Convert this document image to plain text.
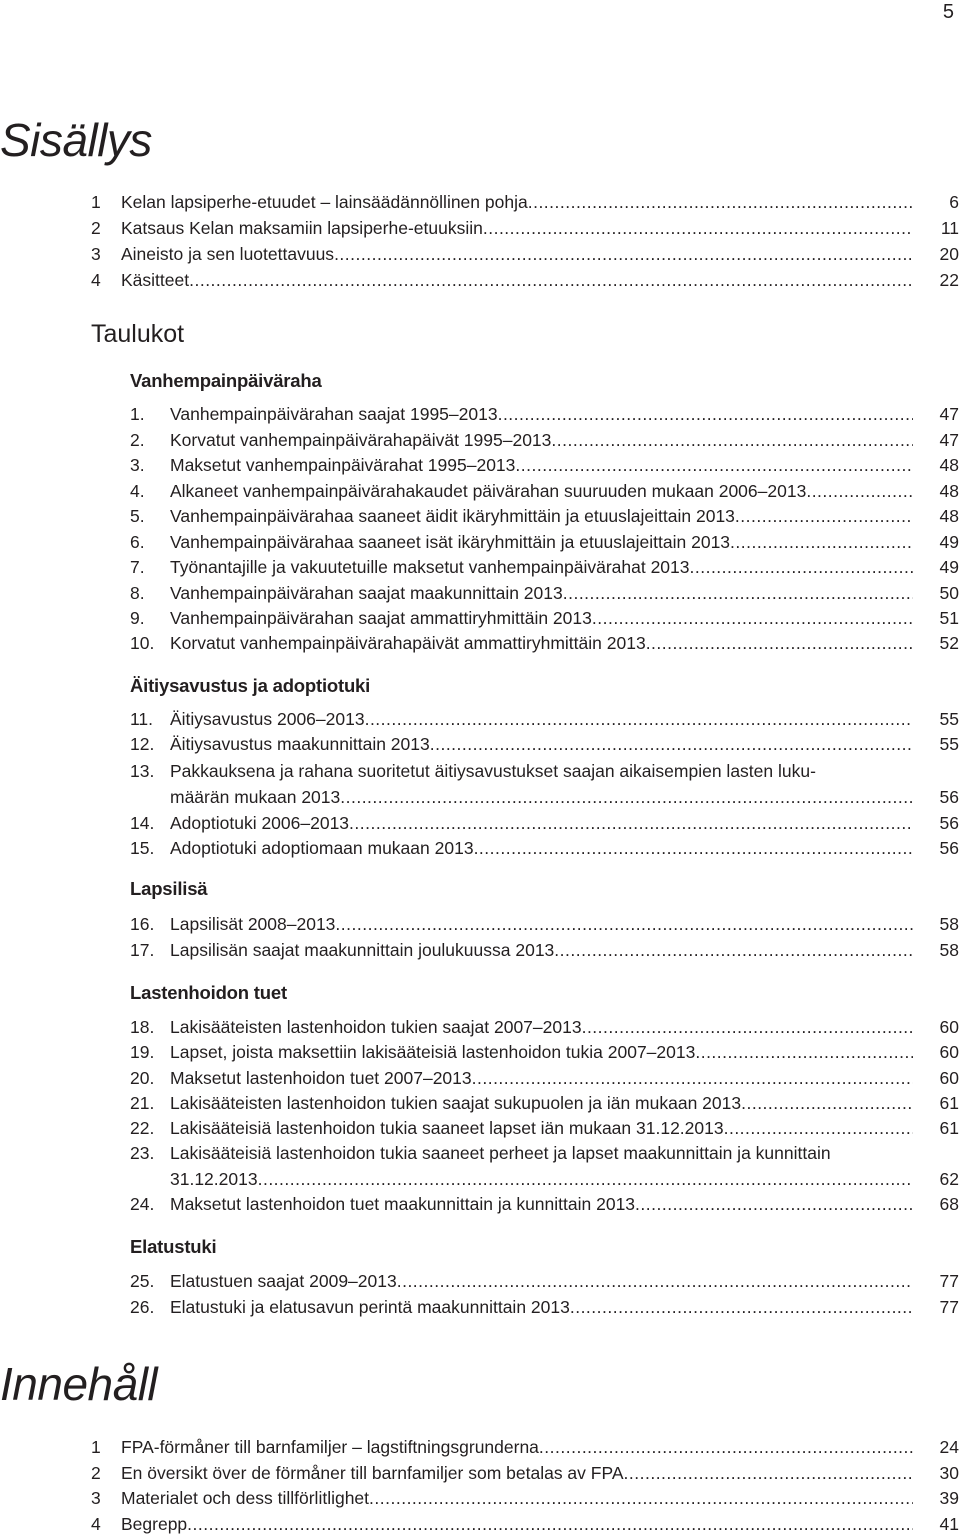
5
Sisällys
1 Kelan lapsiperhe-etuudet – lainsäädännöllinen pohja .....	6
2 Katsaus Kelan maksamiin lapsiperhe-etuuksiin .....	11
3 Aineisto ja sen luotettavuus .....	20
4 Käsitteet .....	22
Taulukot
Vanhempainpäiväraha
Äitiysavustus ja adoptiotuki
Lapsilisä
Lastenhoidon tuet
Elatustuki
1.	Vanhempainpäivärahan saajat 1995–2013 .....	47
2.	Korvatut vanhempainpäivärahapäivät 1995–2013 .....	47
3.	Maksetut vanhempainpäivärahat 1995–2013 .....	48
4.	Alkaneet vanhempainpäivärahakaudet päivärahan suuruuden mukaan 2006–2013 .....	48
5.	Vanhempainpäivärahaa saaneet äidit ikäryhmittäin ja etuuslajeittain 2013 .....	48
6.	Vanhempainpäivärahaa saaneet isät ikäryhmittäin ja etuuslajeittain 2013 .....	49
7.	Työnantajille ja vakuutetuille maksetut vanhempainpäivärahat 2013 .....	49
8.	Vanhempainpäivärahan saajat maakunnittain 2013 .....	50
9.	Vanhempainpäivärahan saajat ammattiryhmittäin 2013 .....	51
10. Korvatut vanhempainpäivärahapäivät ammattiryhmittäin 2013 .....	52
11. Äitiysavustus 2006–2013 .....	55
12. Äitiysavustus maakunnittain 2013 .....	55
13. Pakkauksena ja rahana suoritetut äitiysavustukset saajan aikaisempien lasten luku-
määrän mukaan 2013 .....	56
14. Adoptiotuki 2006–2013 .....	56
15. Adoptiotuki adoptiomaan mukaan 2013 .....	56
16. Lapsilisät 2008–2013 .....	58
17. Lapsilisän saajat maakunnittain joulukuussa 2013 .....	58
18. Lakisääteisten lastenhoidon tukien saajat 2007–2013 .....	60
19. Lapset, joista maksettiin lakisääteisiä lastenhoidon tukia 2007–2013 .....	60
20. Maksetut lastenhoidon tuet 2007–2013 .....	60
21. Lakisääteisten lastenhoidon tukien saajat sukupuolen ja iän mukaan 2013 .....	61
22. Lakisääteisiä lastenhoidon tukia saaneet lapset iän mukaan 31.12.2013 .....	61
23. Lakisääteisiä lastenhoidon tukia saaneet perheet ja lapset maakunnittain ja kunnittain
31.12.2013 .....	62
24. Maksetut lastenhoidon tuet maakunnittain ja kunnittain 2013 .....	68
25. Elatustuen saajat 2009–2013 .....	77
26. Elatustuki ja elatusavun perintä maakunnittain 2013 .....	77
Innehåll
1 FPA-förmåner till barnfamiljer – lagstiftningsgrunderna .....	24
2 En översikt över de förmåner till barnfamiljer som betalas av FPA .....	30
3 Materialet och dess tillförlitlighet .....	39
4 Begrepp .....	41
